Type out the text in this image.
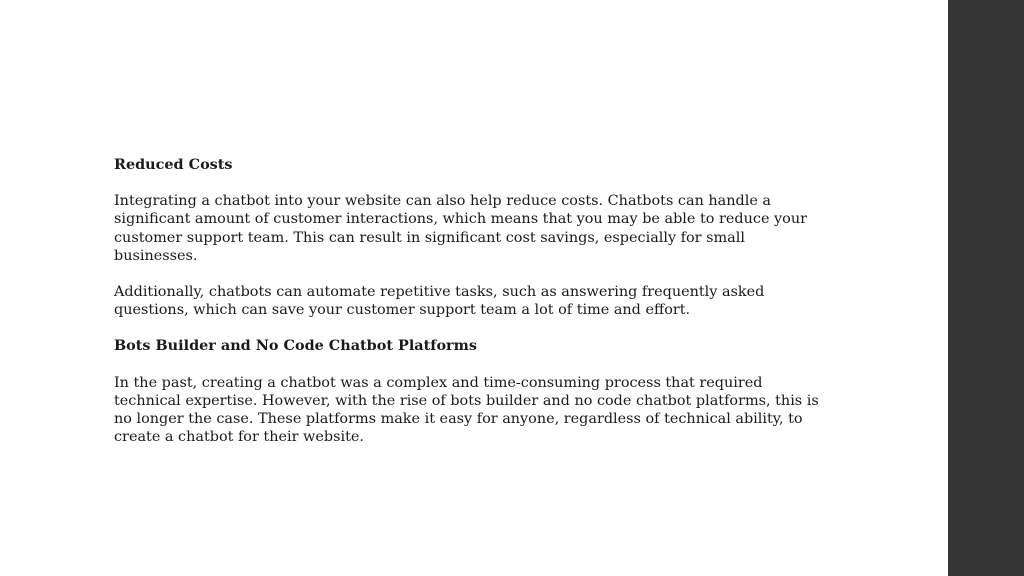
Reduced Costs

Integrating a chatbot into your website can also help reduce costs. Chatbots can handle a significant amount of customer interactions, which means that you may be able to reduce your customer support team. This can result in significant cost savings, especially for small businesses.

Additionally, chatbots can automate repetitive tasks, such as answering frequently asked questions, which can save your customer support team a lot of time and effort.

Bots Builder and No Code Chatbot Platforms

In the past, creating a chatbot was a complex and time-consuming process that required technical expertise. However, with the rise of bots builder and no code chatbot platforms, this is no longer the case. These platforms make it easy for anyone, regardless of technical ability, to create a chatbot for their website.
